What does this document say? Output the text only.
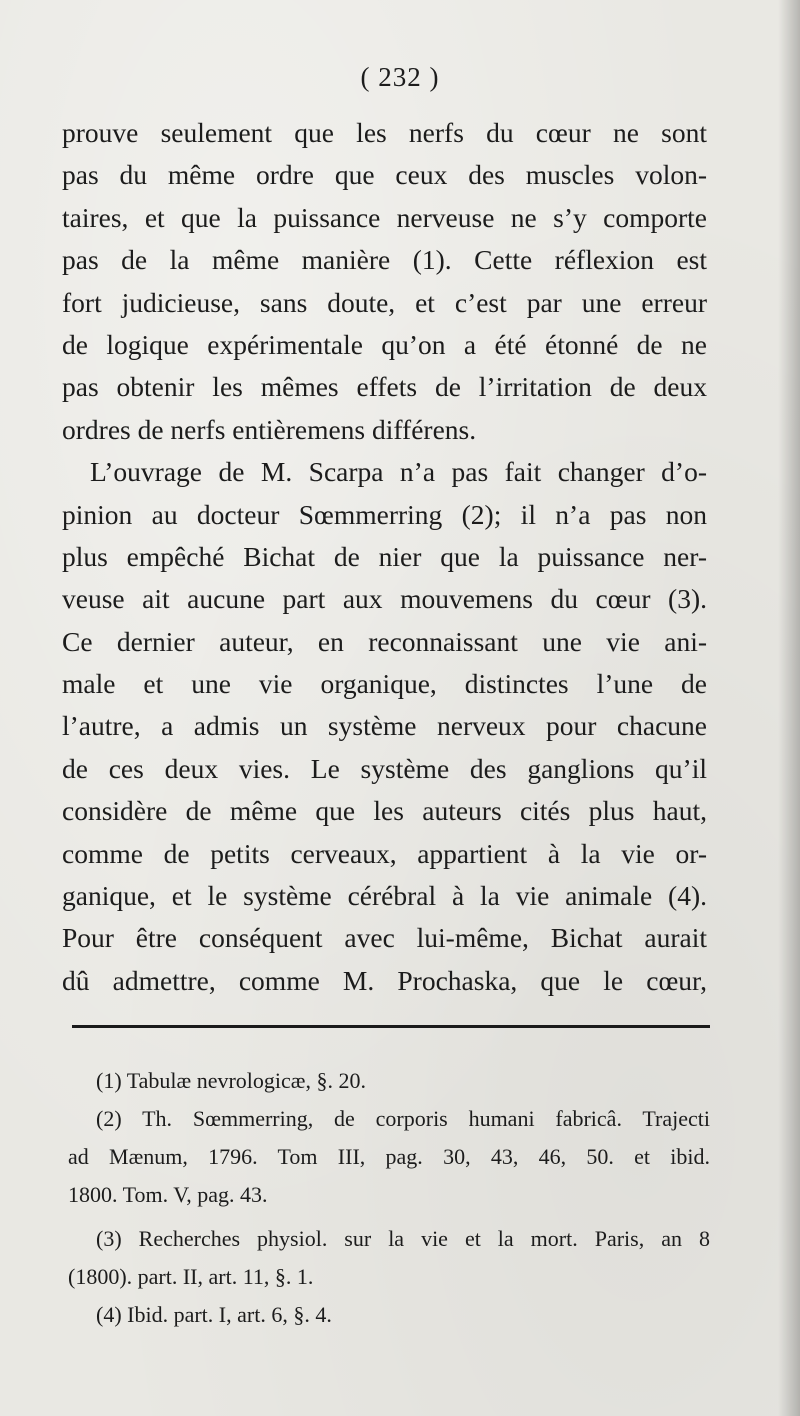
( 232 )
prouve seulement que les nerfs du cœur ne sont
pas du même ordre que ceux des muscles volon-
taires, et que la puissance nerveuse ne s’y comporte
pas de la même manière (1). Cette réflexion est
fort judicieuse, sans doute, et c’est par une erreur
de logique expérimentale qu’on a été étonné de ne
pas obtenir les mêmes effets de l’irritation de deux
ordres de nerfs entièremens différens.
L’ouvrage de M. Scarpa n’a pas fait changer d’o-
pinion au docteur Sœmmerring (2); il n’a pas non
plus empêché Bichat de nier que la puissance ner-
veuse ait aucune part aux mouvemens du cœur (3).
Ce dernier auteur, en reconnaissant une vie ani-
male et une vie organique, distinctes l’une de
l’autre, a admis un système nerveux pour chacune
de ces deux vies. Le système des ganglions qu’il
considère de même que les auteurs cités plus haut,
comme de petits cerveaux, appartient à la vie or-
ganique, et le système cérébral à la vie animale (4).
Pour être conséquent avec lui-même, Bichat aurait
dû admettre, comme M. Prochaska, que le cœur,
(1) Tabulæ nevrologicæ, §. 20.
(2) Th. Sœmmerring, de corporis humani fabricâ. Trajecti
ad Mænum, 1796. Tom III, pag. 30, 43, 46, 50. et ibid.
1800. Tom. V, pag. 43.
(3) Recherches physiol. sur la vie et la mort. Paris, an 8
(1800). part. II, art. 11, §. 1.
(4) Ibid. part. I, art. 6, §. 4.
